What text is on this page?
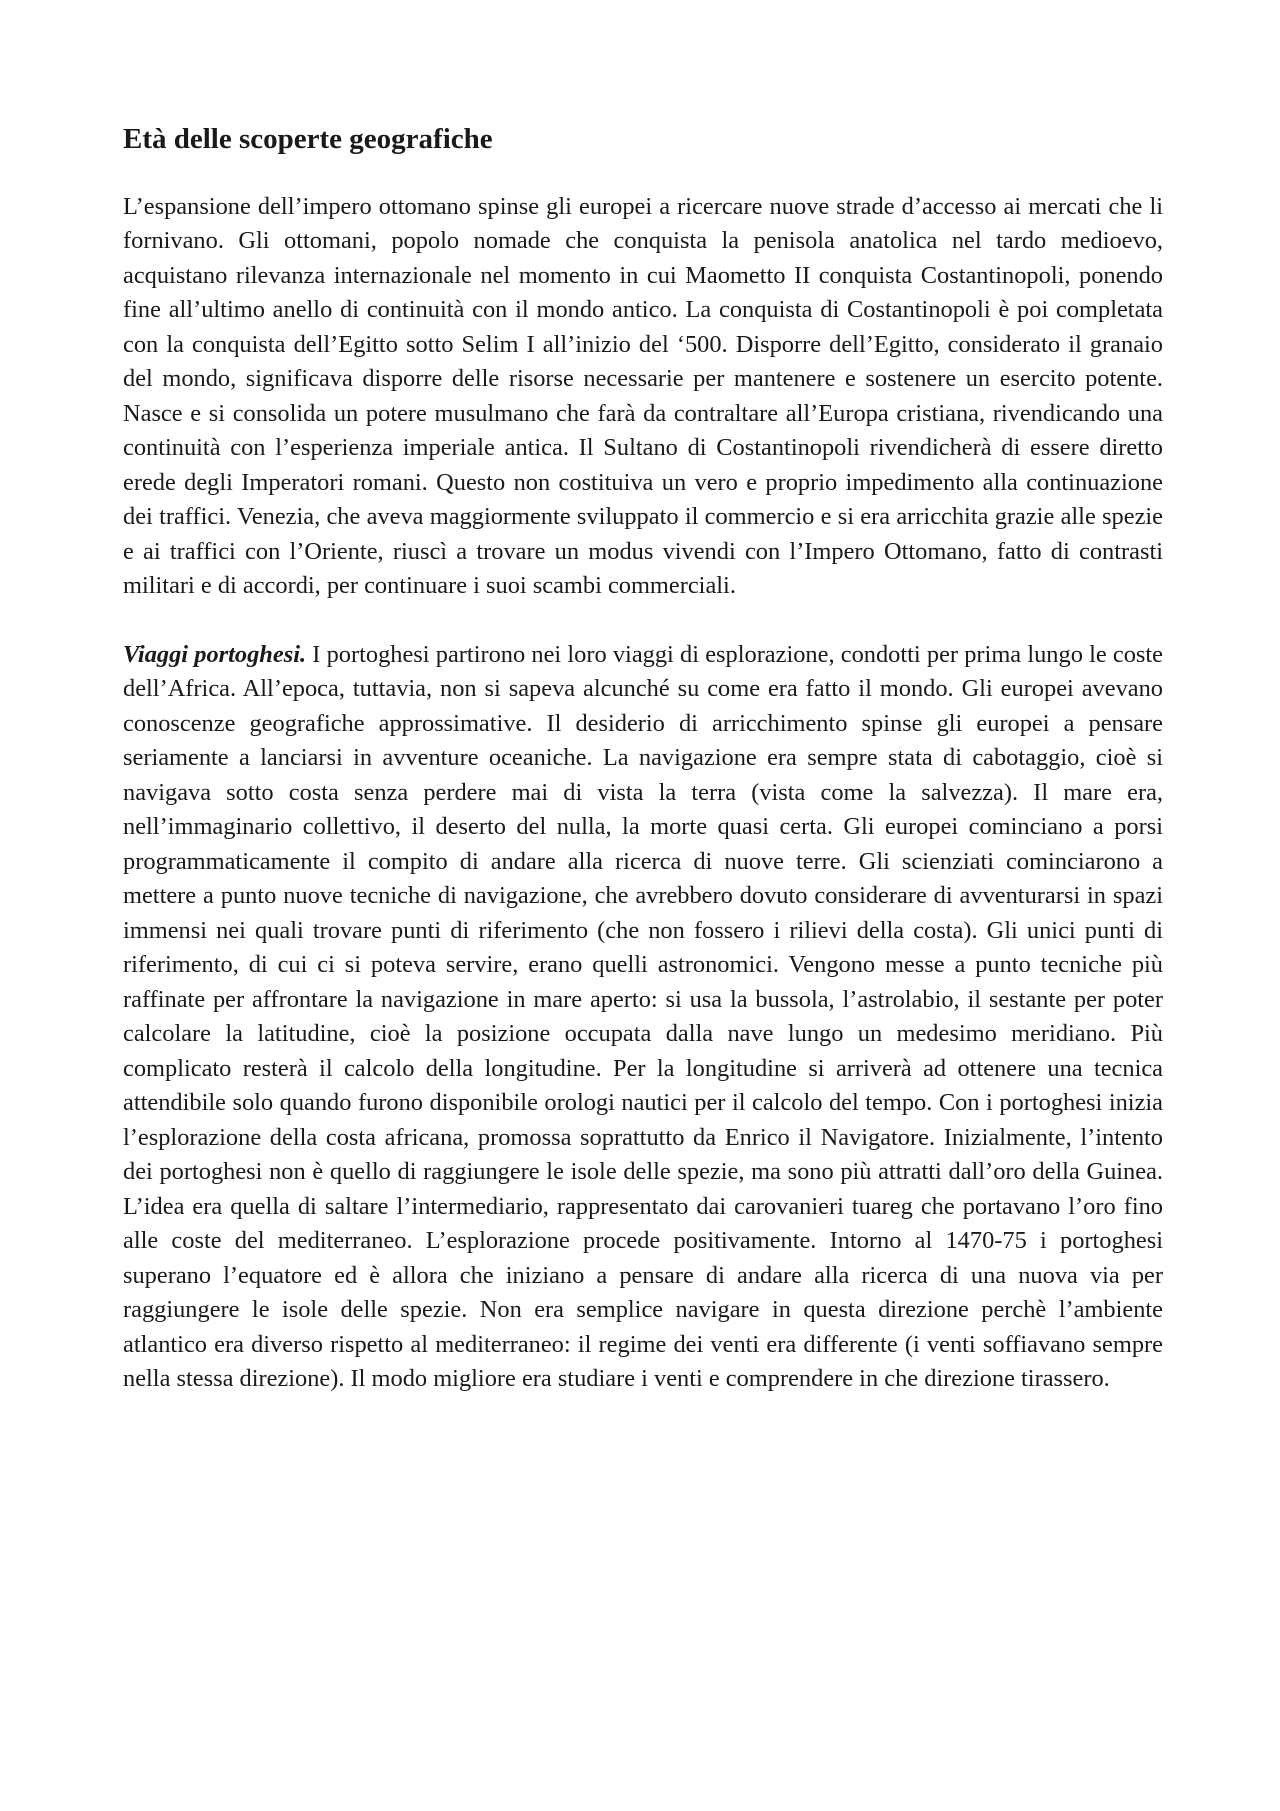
Età delle scoperte geografiche

L’espansione dell’impero ottomano spinse gli europei a ricercare nuove strade d’accesso ai mercati che li fornivano. Gli ottomani, popolo nomade che conquista la penisola anatolica nel tardo medioevo, acquistano rilevanza internazionale nel momento in cui Maometto II conquista Costantinopoli, ponendo fine all’ultimo anello di continuità con il mondo antico. La conquista di Costantinopoli è poi completata con la conquista dell’Egitto sotto Selim I all’inizio del ‘500. Disporre dell’Egitto, considerato il granaio del mondo, significava disporre delle risorse necessarie per mantenere e sostenere un esercito potente. Nasce e si consolida un potere musulmano che farà da contraltare all’Europa cristiana, rivendicando una continuità con l’esperienza imperiale antica. Il Sultano di Costantinopoli rivendicherà di essere diretto erede degli Imperatori romani. Questo non costituiva un vero e proprio impedimento alla continuazione dei traffici. Venezia, che aveva maggiormente sviluppato il commercio e si era arricchita grazie alle spezie e ai traffici con l’Oriente, riuscì a trovare un modus vivendi con l’Impero Ottomano, fatto di contrasti militari e di accordi, per continuare i suoi scambi commerciali.

Viaggi portoghesi. I portoghesi partirono nei loro viaggi di esplorazione, condotti per prima lungo le coste dell’Africa. All’epoca, tuttavia, non si sapeva alcunché su come era fatto il mondo. Gli europei avevano conoscenze geografiche approssimative. Il desiderio di arricchimento spinse gli europei a pensare seriamente a lanciarsi in avventure oceaniche. La navigazione era sempre stata di cabotaggio, cioè si navigava sotto costa senza perdere mai di vista la terra (vista come la salvezza). Il mare era, nell’immaginario collettivo, il deserto del nulla, la morte quasi certa. Gli europei cominciano a porsi programmaticamente il compito di andare alla ricerca di nuove terre. Gli scienziati cominciarono a mettere a punto nuove tecniche di navigazione, che avrebbero dovuto considerare di avventurarsi in spazi immensi nei quali trovare punti di riferimento (che non fossero i rilievi della costa). Gli unici punti di riferimento, di cui ci si poteva servire, erano quelli astronomici. Vengono messe a punto tecniche più raffinate per affrontare la navigazione in mare aperto: si usa la bussola, l’astrolabio, il sestante per poter calcolare la latitudine, cioè la posizione occupata dalla nave lungo un medesimo meridiano. Più complicato resterà il calcolo della longitudine. Per la longitudine si arriverà ad ottenere una tecnica attendibile solo quando furono disponibile orologi nautici per il calcolo del tempo. Con i portoghesi inizia l’esplorazione della costa africana, promossa soprattutto da Enrico il Navigatore. Inizialmente, l’intento dei portoghesi non è quello di raggiungere le isole delle spezie, ma sono più attratti dall’oro della Guinea. L’idea era quella di saltare l’intermediario, rappresentato dai carovanieri tuareg che portavano l’oro fino alle coste del mediterraneo. L’esplorazione procede positivamente. Intorno al 1470-75 i portoghesi superano l’equatore ed è allora che iniziano a pensare di andare alla ricerca di una nuova via per raggiungere le isole delle spezie. Non era semplice navigare in questa direzione perchè l’ambiente atlantico era diverso rispetto al mediterraneo: il regime dei venti era differente (i venti soffiavano sempre nella stessa direzione). Il modo migliore era studiare i venti e comprendere in che direzione tirassero.
